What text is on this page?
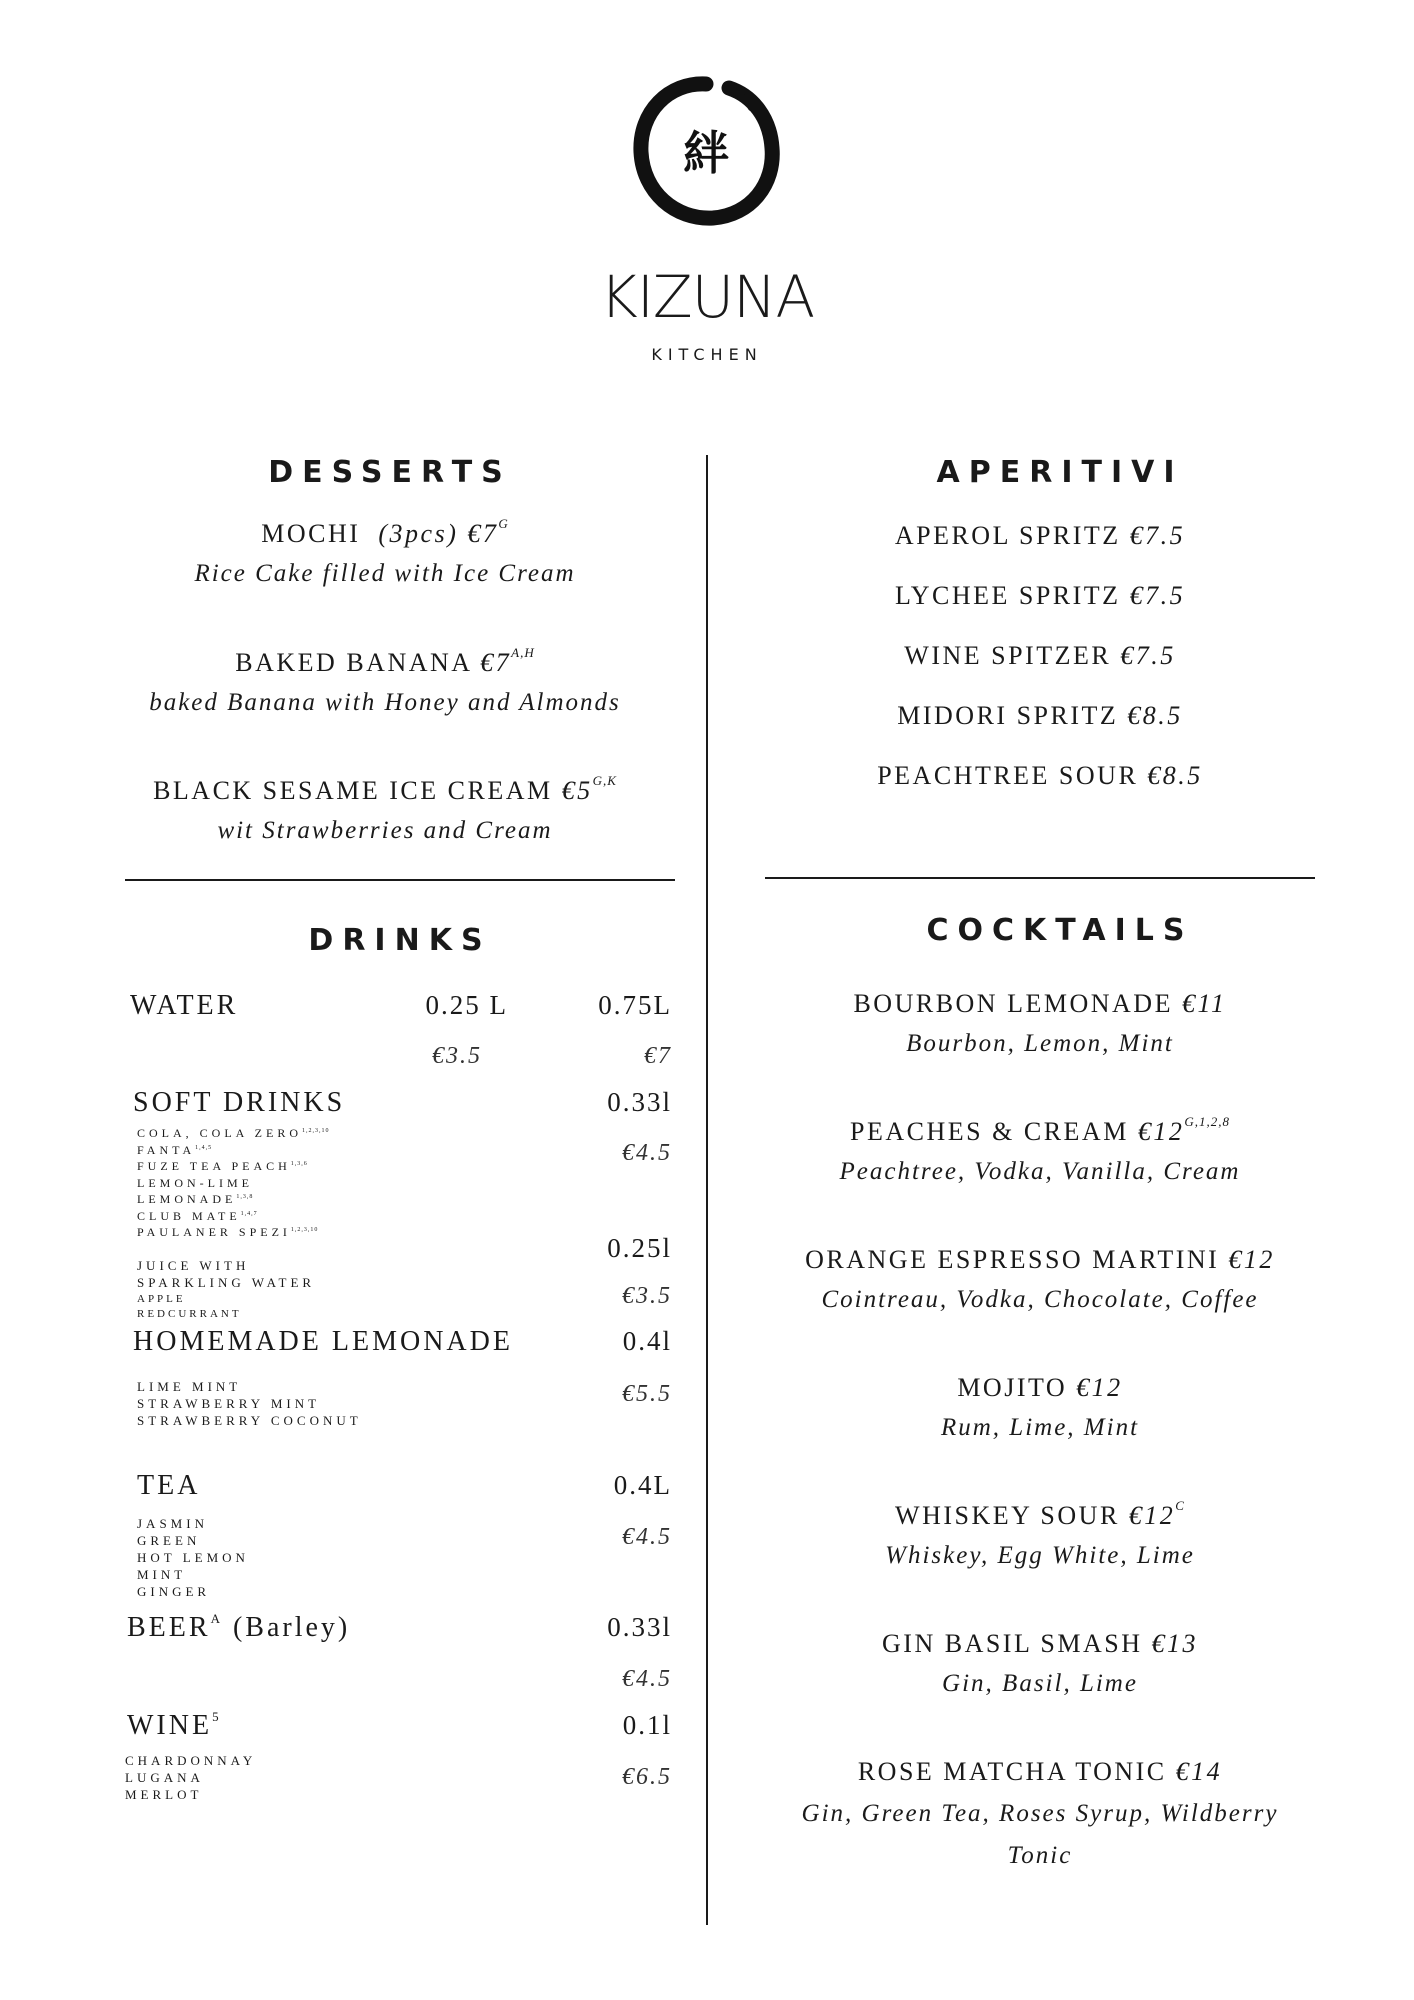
絆
KIZUNA
KITCHEN
DESSERTS
MOCHI (3pcs) $€7^G$
Rice Cake filled with Ice Cream
BAKED BANANA $€7^{A,H}$
baked Banana with Honey and Almonds
BLACK SESAME ICE CREAM $€5^{G,K}$
wit Strawberries and Cream
APERITIVI
APEROL SPRITZ €7.5
LYCHEE SPRITZ €7.5
WINE SPITZER €7.5
MIDORI SPRITZ €8.5
PEACHTREE SOUR €8.5
DRINKS
WATER	0.25 L	0.75L
€3.5	€7
SOFT DRINKS	0.33l
€4.5
COLA, COLA ZERO$^{1,2,3,10}$
FANTA$^{1,4,5}$
FUZE TEA PEACH$^{1,3,6}$
LEMON-LIME
LEMONADE$^{1,3,8}$
CLUB MATE$^{1,4,7}$
PAULANER SPEZI$^{1,2,3,10}$
0.25l
€3.5
JUICE WITH
SPARKLING WATER
APPLE
REDCURRANT
HOMEMADE LEMONADE	0.4l
€5.5
LIME MINT
STRAWBERRY MINT
STRAWBERRY COCONUT
TEA	0.4L
€4.5
JASMIN
GREEN
HOT LEMON
MINT
GINGER
$BEER^A$ (Barley)	0.33l
€4.5
WINE$^5$	0.1l
€6.5
CHARDONNAY
LUGANA
MERLOT
COCKTAILS
BOURBON LEMONADE €11
Bourbon, Lemon, Mint
PEACHES & CREAM $€12^{G,1,2,8}$
Peachtree, Vodka, Vanilla, Cream
ORANGE ESPRESSO MARTINI €12
Cointreau, Vodka, Chocolate, Coffee
MOJITO €12
Rum, Lime, Mint
WHISKEY SOUR $€12^C$
Whiskey, Egg White, Lime
GIN BASIL SMASH €13
Gin, Basil, Lime
ROSE MATCHA TONIC €14
Gin, Green Tea, Roses Syrup, Wildberry
Tonic
